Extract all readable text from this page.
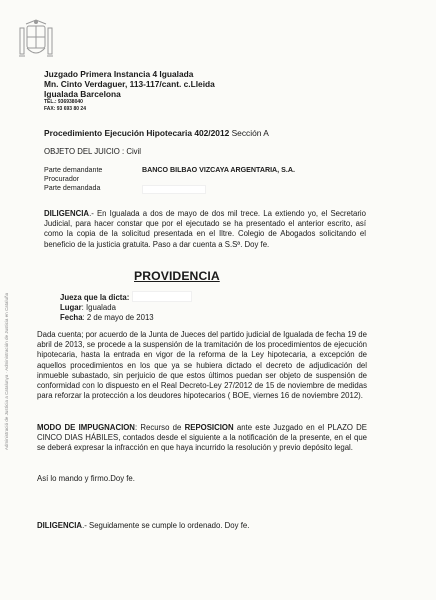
Administració de Justícia a Catalunya · Administración de Justicia en Cataluña
Juzgado Primera Instancia 4 Igualada
Mn. Cinto Verdaguer, 113-117/cant. c.Lleida
Igualada Barcelona
TEL.: 936938040
FAX: 93 693 80 24
Procedimiento Ejecución Hipotecaria 402/2012 Sección A
OBJETO DEL JUICIO : Civil
Parte demandante	BANCO BILBAO VIZCAYA ARGENTARIA, S.A.
Procurador
Parte demandada
DILIGENCIA.- En Igualada a dos de mayo de dos mil trece. La extiendo yo, el Secretario Judicial, para hacer constar que por el ejecutado se ha presentado el anterior escrito, así como la copia de la solicitud presentada en el Iltre. Colegio de Abogados solicitando el beneficio de la justicia gratuita. Paso a dar cuenta a S.Sª. Doy fe.
PROVIDENCIA
Jueza que la dicta:
Lugar: Igualada
Fecha: 2 de mayo de 2013
Dada cuenta; por acuerdo de la Junta de Jueces del partido judicial de Igualada de fecha 19 de abril de 2013, se procede a la suspensión de la tramitación de los procedimientos de ejecución hipotecaria, hasta la entrada en vigor de la reforma de la Ley hipotecaria, a excepción de aquellos procedimientos en los que ya se hubiera dictado el decreto de adjudicación del inmueble subastado, sin perjuicio de que estos últimos puedan ser objeto de suspensión de conformidad con lo dispuesto en el Real Decreto-Ley 27/2012 de 15 de noviembre de medidas para reforzar la protección a los deudores hipotecarios ( BOE, viernes 16 de noviembre 2012).
MODO DE IMPUGNACION: Recurso de REPOSICION ante este Juzgado en el PLAZO DE CINCO DIAS HÁBILES, contados desde el siguiente a la notificación de la presente, en el que se deberá expresar la infracción en que haya incurrido la resolución y previo depósito legal.
Así lo mando y firmo.Doy fe.
DILIGENCIA.- Seguidamente se cumple lo ordenado. Doy fe.
